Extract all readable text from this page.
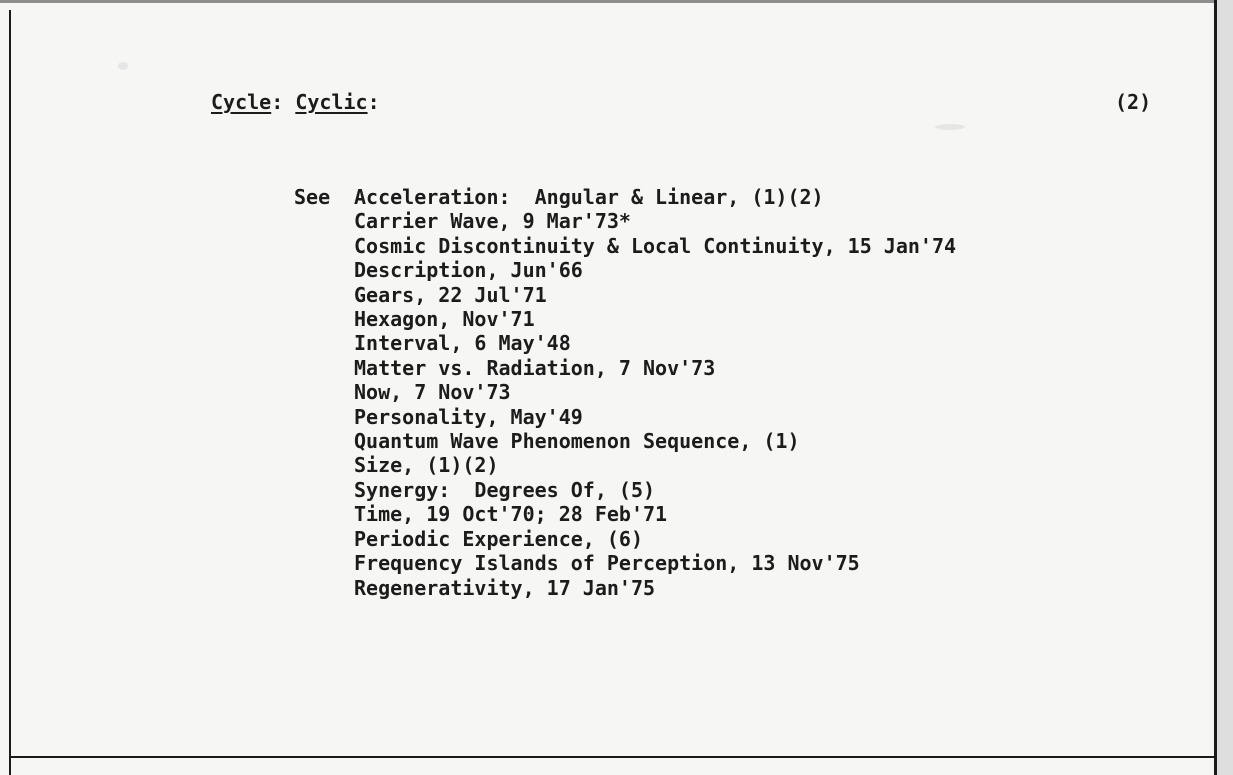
Cycle: Cyclic:	(2)
See Acceleration:  Angular & Linear, (1)(2)
Carrier Wave, 9 Mar'73*
Cosmic Discontinuity & Local Continuity, 15 Jan'74
Description, Jun'66
Gears, 22 Jul'71
Hexagon, Nov'71
Interval, 6 May'48
Matter vs. Radiation, 7 Nov'73
Now, 7 Nov'73
Personality, May'49
Quantum Wave Phenomenon Sequence, (1)
Size, (1)(2)
Synergy:  Degrees Of, (5)
Time, 19 Oct'70; 28 Feb'71
Periodic Experience, (6)
Frequency Islands of Perception, 13 Nov'75
Regenerativity, 17 Jan'75
